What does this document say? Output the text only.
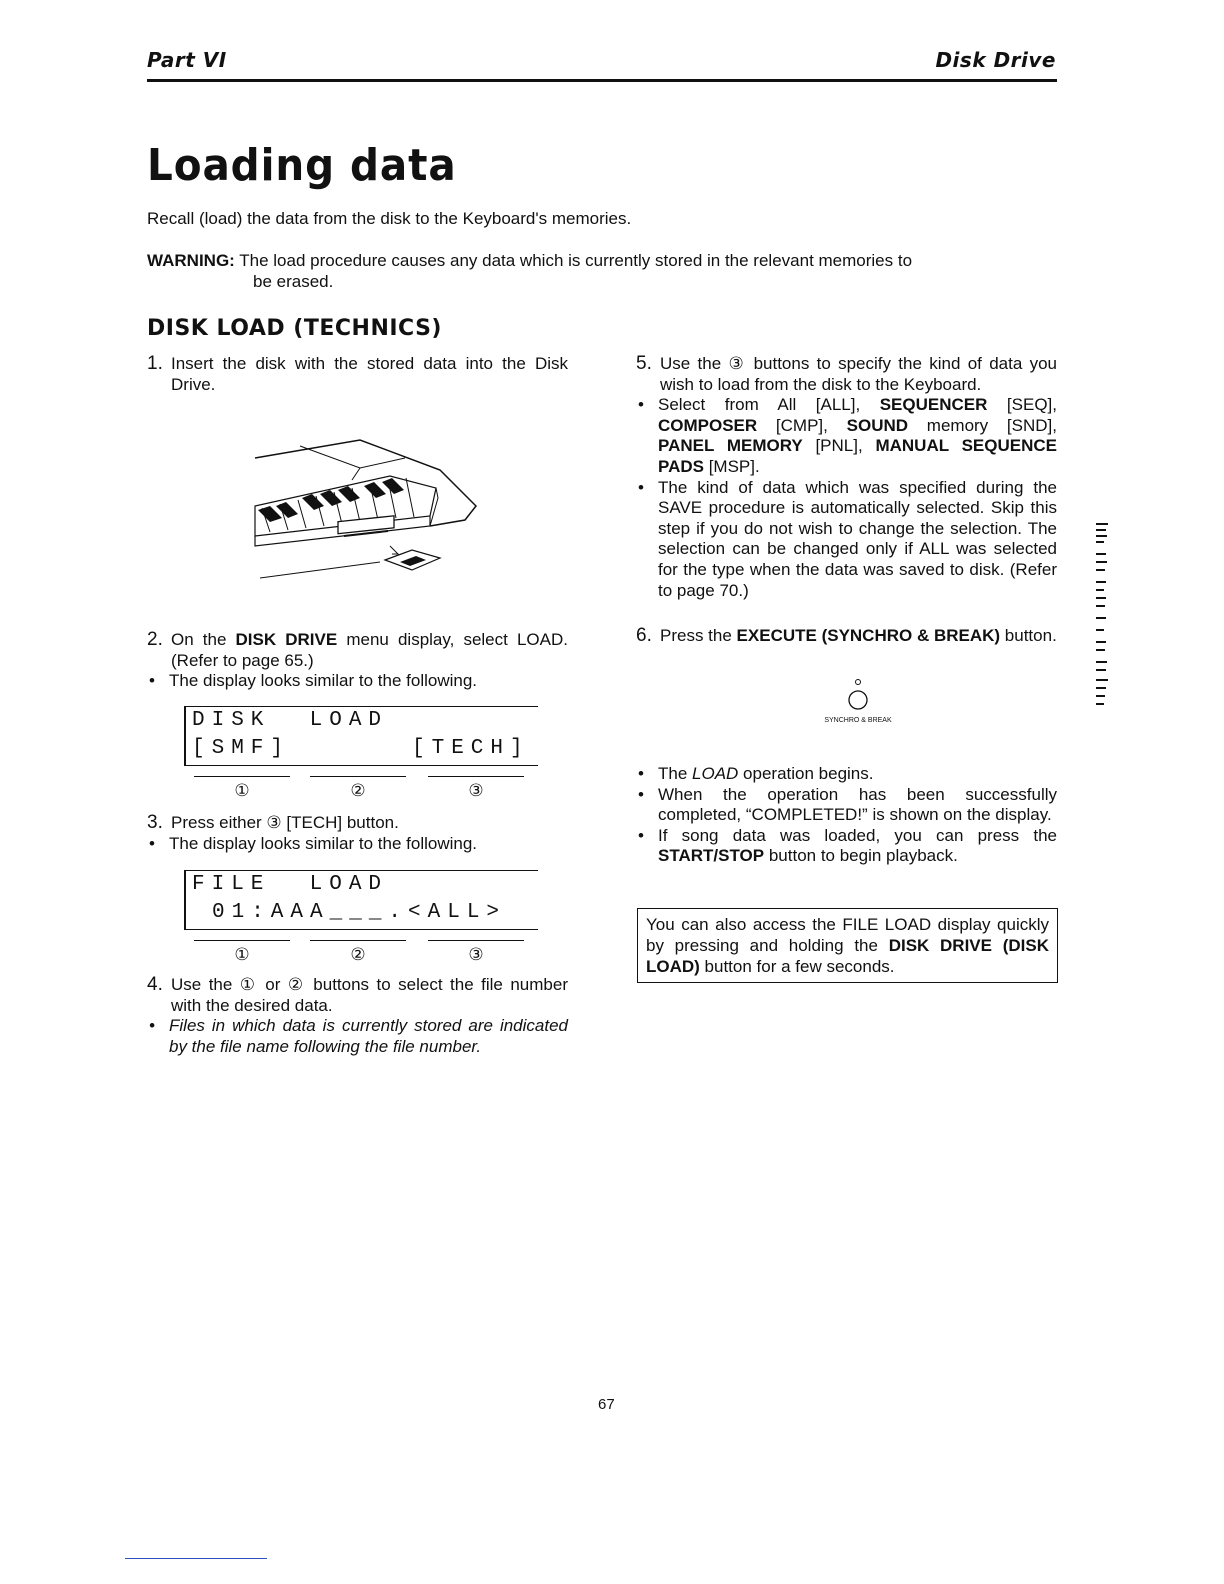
Part VI	Disk Drive
Loading data
Recall (load) the data from the disk to the Keyboard's memories.
WARNING: The load procedure causes any data which is currently stored in the relevant memories to
be erased.
DISK LOAD (TECHNICS)

1. Insert the disk with the stored data into the Disk Drive.

2. On the DISK DRIVE menu display, select LOAD. (Refer to page 65.)

• The display looks similar to the following.

DISK  LOAD
[SMF]	[TECH]
①	②	③

3. Press either ③ [TECH] button.

• The display looks similar to the following.

FILE  LOAD
01:AAA___.<ALL>
①	②	③

4. Use the ① or ② buttons to select the file number with the desired data.

• Files in which data is currently stored are indicated by the file name following the file number.

5. Use the ③ buttons to specify the kind of data you wish to load from the disk to the Keyboard.

• Select from All [ALL], SEQUENCER [SEQ], COMPOSER [CMP], SOUND memory [SND], PANEL MEMORY [PNL], MANUAL SEQUENCE PADS [MSP].

• The kind of data which was specified during the SAVE procedure is automatically selected. Skip this step if you do not wish to change the selection. The selection can be changed only if ALL was selected for the type when the data was saved to disk. (Refer to page 70.)

6. Press the EXECUTE (SYNCHRO & BREAK) button.

SYNCHRO & BREAK

• The LOAD operation begins.

• When the operation has been successfully completed, “COMPLETED!” is shown on the display.

• If song data was loaded, you can press the START/STOP button to begin playback.

You can also access the FILE LOAD display quickly by pressing and holding the DISK DRIVE (DISK LOAD) button for a few seconds.
67
